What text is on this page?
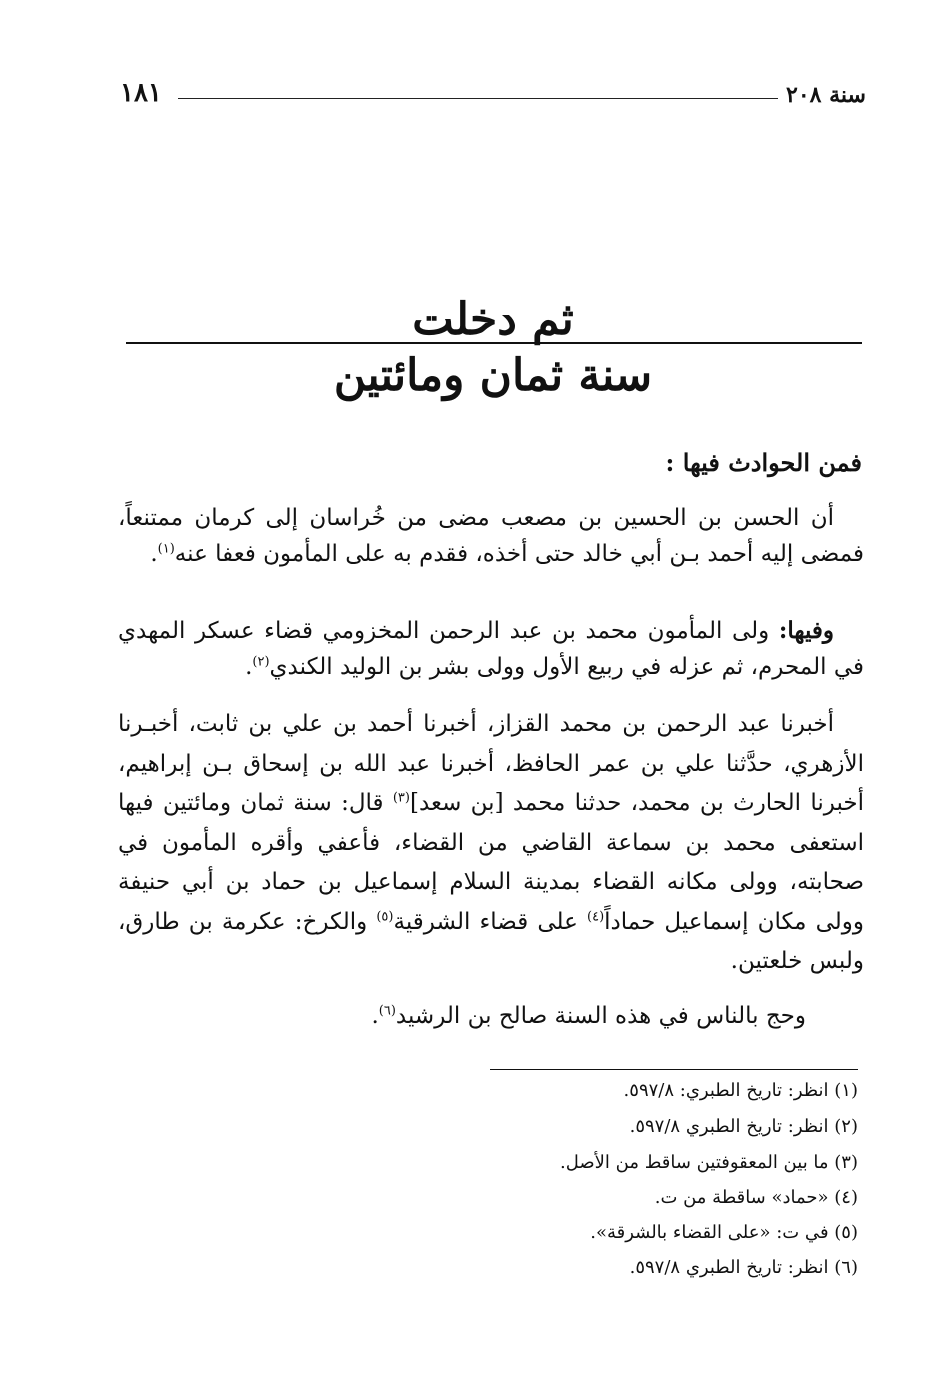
سنة ٢٠٨
١٨١
ثم دخلت
سنة ثمان ومائتين
فمن الحوادث فيها :

أن الحسن بن الحسين بن مصعب مضى من خُراسان إلى كرمان ممتنعاً، فمضى إليه أحمد بـن أبي خالد حتى أخذه، فقدم به على المأمون فعفا عنه$^{(١)}$.

وفيها: ولى المأمون محمد بن عبد الرحمن المخزومي قضاء عسكر المهدي في المحرم، ثم عزله في ربيع الأول وولى بشر بن الوليد الكندي$^{(٢)}$.

أخبرنا عبد الرحمن بن محمد القزاز، أخبرنا أحمد بن علي بن ثابت، أخبـرنا الأزهري، حدَّثنا علي بن عمر الحافظ، أخبرنا عبد الله بن إسحاق بـن إبراهيم، أخبرنا الحارث بن محمد، حدثنا محمد [بن سعد]$^{(٣)}$ قال: سنة ثمان ومائتين فيها استعفى محمد بن سماعة القاضي من القضاء، فأعفي وأقره المأمون في صحابته، وولى مكانه القضاء بمدينة السلام إسماعيل بن حماد بن أبي حنيفة وولى مكان إسماعيل حماداً$^{(٤)}$ على قضاء الشرقية$^{(٥)}$ والكرخ: عكرمة بن طارق، ولبس خلعتين.

وحج بالناس في هذه السنة صالح بن الرشيد$^{(٦)}$.

(١) انظر: تاريخ الطبري: ٥٩٧/٨.
(٢) انظر: تاريخ الطبري ٥٩٧/٨.
(٣) ما بين المعقوفتين ساقط من الأصل.
(٤) «حماد» ساقطة من ت.
(٥) في ت: «على القضاء بالشرقة».
(٦) انظر: تاريخ الطبري ٥٩٧/٨.
